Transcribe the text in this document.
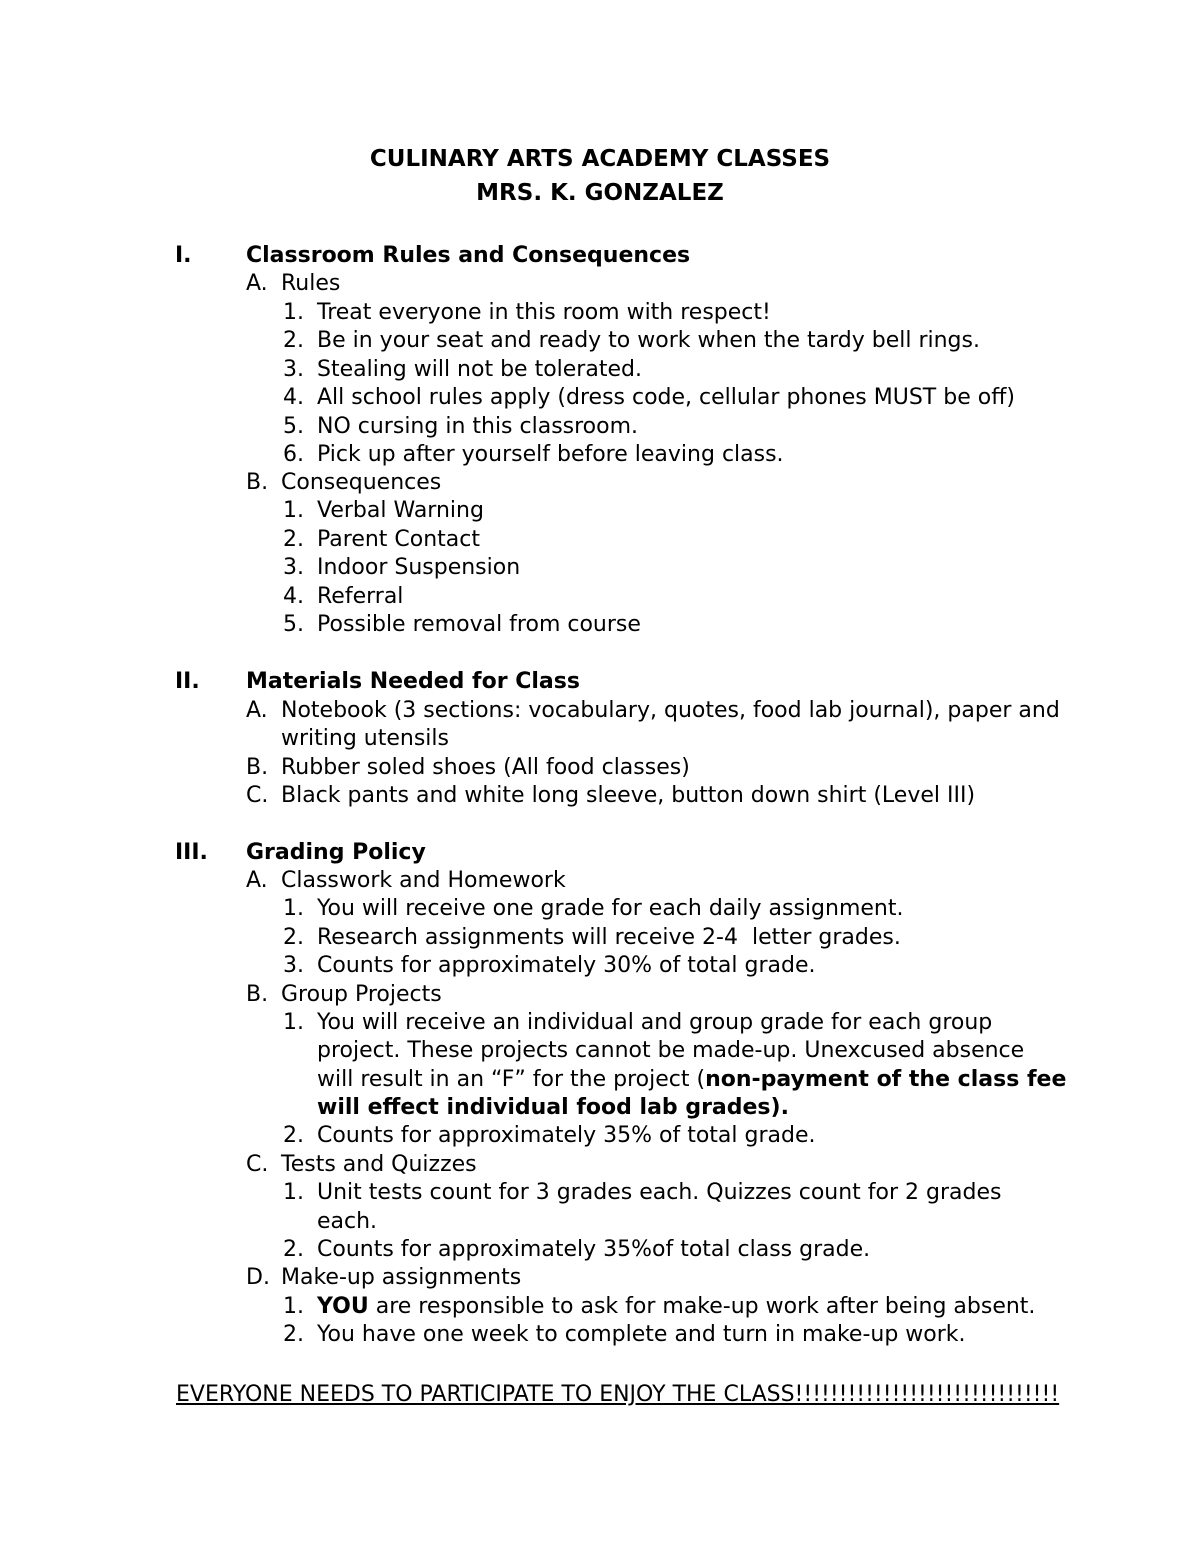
CULINARY ARTS ACADEMY CLASSES
MRS. K. GONZALEZ
I. Classroom Rules and Consequences
A. Rules
1. Treat everyone in this room with respect!
2. Be in your seat and ready to work when the tardy bell rings.
3. Stealing will not be tolerated.
4. All school rules apply (dress code, cellular phones MUST be off)
5. NO cursing in this classroom.
6. Pick up after yourself before leaving class.
B. Consequences
1. Verbal Warning
2. Parent Contact
3. Indoor Suspension
4. Referral
5. Possible removal from course
II. Materials Needed for Class
A. Notebook (3 sections: vocabulary, quotes, food lab journal), paper and
writing utensils
B. Rubber soled shoes (All food classes)
C. Black pants and white long sleeve, button down shirt (Level III)
III. Grading Policy
A. Classwork and Homework
1. You will receive one grade for each daily assignment.
2. Research assignments will receive 2-4  letter grades.
3. Counts for approximately 30% of total grade.
B. Group Projects
1. You will receive an individual and group grade for each group
project. These projects cannot be made-up. Unexcused absence
will result in an “F” for the project (non-payment of the class fee
will effect individual food lab grades).
2. Counts for approximately 35% of total grade.
C. Tests and Quizzes
1. Unit tests count for 3 grades each. Quizzes count for 2 grades
each.
2. Counts for approximately 35%of total class grade.
D. Make-up assignments
1. YOU are responsible to ask for make-up work after being absent.
2. You have one week to complete and turn in make-up work.
EVERYONE NEEDS TO PARTICIPATE TO ENJOY THE CLASS!!!!!!!!!!!!!!!!!!!!!!!!!!!!!!
